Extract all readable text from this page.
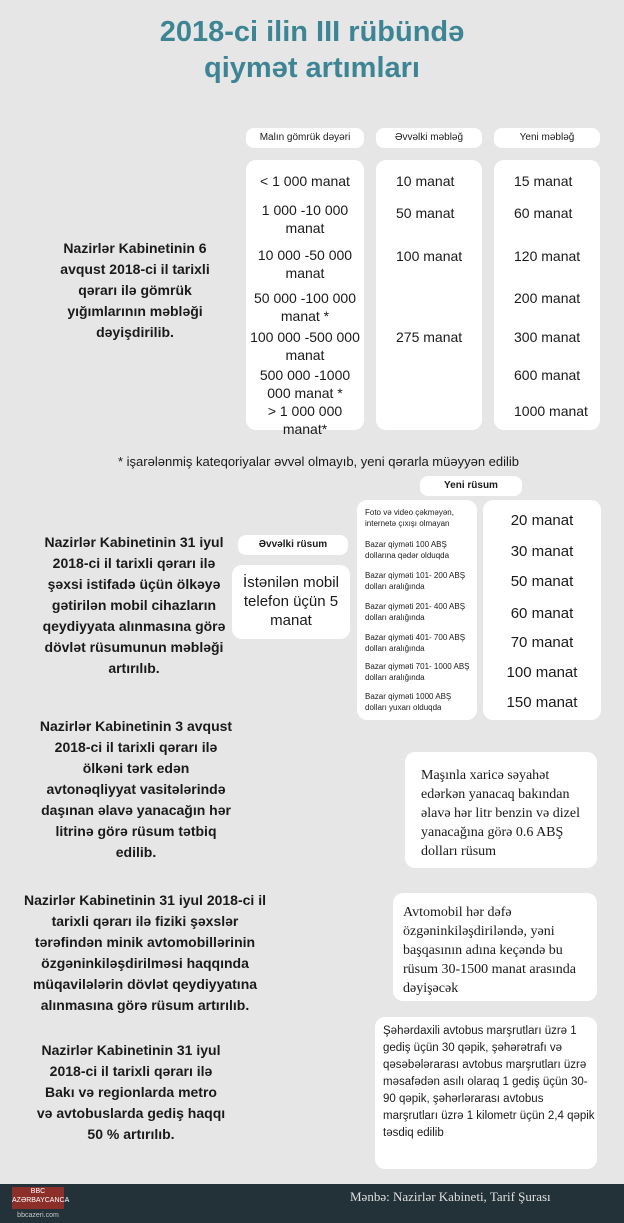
2018-ci ilin III rübündə
qiymət artımları
Nazirlər Kabinetinin 6 avqust 2018-ci il tarixli qərarı ilə gömrük yığımlarının məbləği dəyişdirilib.
Malın gömrük dəyəri	Əvvəlki məbləğ	Yeni məbləğ
< 1 000 manat
1 000 -10 000 manat
10 000 -50 000 manat
50 000 -100 000 manat *
100 000 -500 000 manat
500 000 -1000 000 manat *
> 1 000 000 manat*
10 manat
50 manat
100 manat
275 manat
15 manat
60 manat
120 manat
200 manat
300 manat
600 manat
1000 manat
* işarələnmiş kateqoriyalar əvvəl olmayıb, yeni qərarla müəyyən edilib
Yeni rüsum
Nazirlər Kabinetinin 31 iyul 2018-ci il tarixli qərarı ilə şəxsi istifadə üçün ölkəyə gətirilən mobil cihazların qeydiyyata alınmasına görə dövlət rüsumunun məbləği artırılıb.
Əvvəlki rüsum
İstənilən mobil telefon üçün 5 manat
Foto və video çəkməyən, internetə çıxışı olmayan
Bazar qiyməti 100 ABŞ dollarına qədər olduqda
Bazar qiyməti 101- 200 ABŞ dolları aralığında
Bazar qiyməti 201- 400 ABŞ dolları aralığında
Bazar qiyməti 401- 700 ABŞ dolları aralığında
Bazar qiyməti 701- 1000 ABŞ dolları aralığında
Bazar qiyməti 1000 ABŞ dolları yuxarı olduqda
20 manat
30 manat
50 manat
60 manat
70 manat
100 manat
150 manat
Nazirlər Kabinetinin 3 avqust 2018-ci il tarixli qərarı ilə ölkəni tərk edən avtonəqliyyat vasitələrində daşınan əlavə yanacağın hər litrinə görə rüsum tətbiq edilib.
Maşınla xaricə səyahət edərkən yanacaq bakından əlavə hər litr benzin və dizel yanacağına görə 0.6 ABŞ dolları rüsum
Nazirlər Kabinetinin 31 iyul 2018-ci il tarixli qərarı ilə fiziki şəxslər tərəfindən minik avtomobillərinin özgəninkiləşdirilməsi haqqında müqavilələrin dövlət qeydiyyatına alınmasına görə rüsum artırılıb.
Avtomobil hər dəfə özgəninkiləşdiriləndə, yəni başqasının adına keçəndə bu rüsum 30-1500 manat arasında dəyişəcək
Nazirlər Kabinetinin 31 iyul 2018-ci il tarixli qərarı ilə Bakı və regionlarda metro və avtobuslarda gediş haqqı 50 % artırılıb.
Şəhərdaxili avtobus marşrutları üzrə 1 gediş üçün 30 qəpik, şəhərətrafı və qəsəbələrarası avtobus marşrutları üzrə məsafədən asılı olaraq 1 gediş üçün 30-90 qəpik, şəhərlərarası avtobus marşrutları üzrə 1 kilometr üçün 2,4 qəpik təsdiq edilib
BBC AZƏRBAYCANCA
bbcazeri.com
Mənbə: Nazirlər Kabineti, Tarif Şurası
